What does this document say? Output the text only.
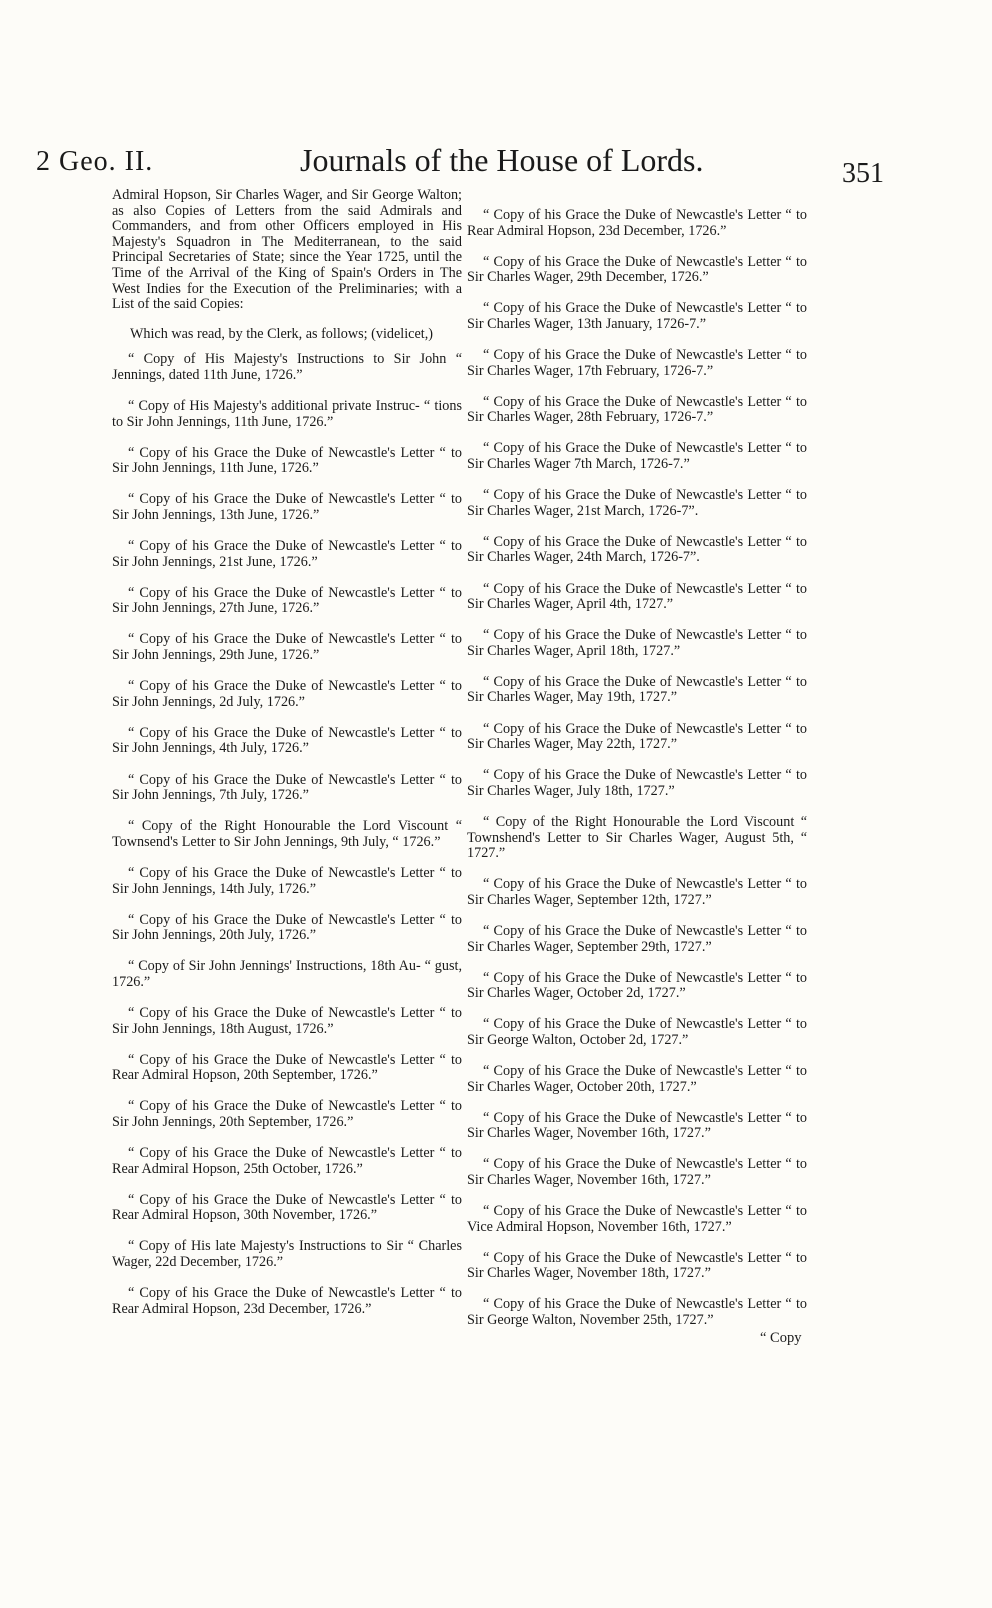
2 Geo. II.	Journals of the House of Lords.	351

Admiral Hopson, Sir Charles Wager, and Sir George Walton; as also Copies of Letters from the said Admirals and Commanders, and from other Officers employed in His Majesty's Squadron in The Mediterranean, to the said Principal Secretaries of State; since the Year 1725, until the Time of the Arrival of the King of Spain's Orders in The West Indies for the Execution of the Preliminaries; with a List of the said Copies:

Which was read, by the Clerk, as follows; (videlicet,)

“ Copy of His Majesty's Instructions to Sir John “ Jennings, dated 11th June, 1726.”

“ Copy of His Majesty's additional private Instruc- “ tions to Sir John Jennings, 11th June, 1726.”

“ Copy of his Grace the Duke of Newcastle's Letter “ to Sir John Jennings, 11th June, 1726.”

“ Copy of his Grace the Duke of Newcastle's Letter “ to Sir John Jennings, 13th June, 1726.”

“ Copy of his Grace the Duke of Newcastle's Letter “ to Sir John Jennings, 21st June, 1726.”

“ Copy of his Grace the Duke of Newcastle's Letter “ to Sir John Jennings, 27th June, 1726.”

“ Copy of his Grace the Duke of Newcastle's Letter “ to Sir John Jennings, 29th June, 1726.”

“ Copy of his Grace the Duke of Newcastle's Letter “ to Sir John Jennings, 2d July, 1726.”

“ Copy of his Grace the Duke of Newcastle's Letter “ to Sir John Jennings, 4th July, 1726.”

“ Copy of his Grace the Duke of Newcastle's Letter “ to Sir John Jennings, 7th July, 1726.”

“ Copy of the Right Honourable the Lord Viscount “ Townsend's Letter to Sir John Jennings, 9th July, “ 1726.”

“ Copy of his Grace the Duke of Newcastle's Letter “ to Sir John Jennings, 14th July, 1726.”

“ Copy of his Grace the Duke of Newcastle's Letter “ to Sir John Jennings, 20th July, 1726.”

“ Copy of Sir John Jennings' Instructions, 18th Au- “ gust, 1726.”

“ Copy of his Grace the Duke of Newcastle's Letter “ to Sir John Jennings, 18th August, 1726.”

“ Copy of his Grace the Duke of Newcastle's Letter “ to Rear Admiral Hopson, 20th September, 1726.”

“ Copy of his Grace the Duke of Newcastle's Letter “ to Sir John Jennings, 20th September, 1726.”

“ Copy of his Grace the Duke of Newcastle's Letter “ to Rear Admiral Hopson, 25th October, 1726.”

“ Copy of his Grace the Duke of Newcastle's Letter “ to Rear Admiral Hopson, 30th November, 1726.”

“ Copy of His late Majesty's Instructions to Sir “ Charles Wager, 22d December, 1726.”

“ Copy of his Grace the Duke of Newcastle's Letter “ to Rear Admiral Hopson, 23d December, 1726.”

“ Copy of his Grace the Duke of Newcastle's Letter “ to Rear Admiral Hopson, 23d December, 1726.”

“ Copy of his Grace the Duke of Newcastle's Letter “ to Sir Charles Wager, 29th December, 1726.”

“ Copy of his Grace the Duke of Newcastle's Letter “ to Sir Charles Wager, 13th January, 1726-7.”

“ Copy of his Grace the Duke of Newcastle's Letter “ to Sir Charles Wager, 17th February, 1726-7.”

“ Copy of his Grace the Duke of Newcastle's Letter “ to Sir Charles Wager, 28th February, 1726-7.”

“ Copy of his Grace the Duke of Newcastle's Letter “ to Sir Charles Wager 7th March, 1726-7.”

“ Copy of his Grace the Duke of Newcastle's Letter “ to Sir Charles Wager, 21st March, 1726-7”.

“ Copy of his Grace the Duke of Newcastle's Letter “ to Sir Charles Wager, 24th March, 1726-7”.

“ Copy of his Grace the Duke of Newcastle's Letter “ to Sir Charles Wager, April 4th, 1727.”

“ Copy of his Grace the Duke of Newcastle's Letter “ to Sir Charles Wager, April 18th, 1727.”

“ Copy of his Grace the Duke of Newcastle's Letter “ to Sir Charles Wager, May 19th, 1727.”

“ Copy of his Grace the Duke of Newcastle's Letter “ to Sir Charles Wager, May 22th, 1727.”

“ Copy of his Grace the Duke of Newcastle's Letter “ to Sir Charles Wager, July 18th, 1727.”

“ Copy of the Right Honourable the Lord Viscount “ Townshend's Letter to Sir Charles Wager, August 5th, “ 1727.”

“ Copy of his Grace the Duke of Newcastle's Letter “ to Sir Charles Wager, September 12th, 1727.”

“ Copy of his Grace the Duke of Newcastle's Letter “ to Sir Charles Wager, September 29th, 1727.”

“ Copy of his Grace the Duke of Newcastle's Letter “ to Sir Charles Wager, October 2d, 1727.”

“ Copy of his Grace the Duke of Newcastle's Letter “ to Sir George Walton, October 2d, 1727.”

“ Copy of his Grace the Duke of Newcastle's Letter “ to Sir Charles Wager, October 20th, 1727.”

“ Copy of his Grace the Duke of Newcastle's Letter “ to Sir Charles Wager, November 16th, 1727.”

“ Copy of his Grace the Duke of Newcastle's Letter “ to Sir Charles Wager, November 16th, 1727.”

“ Copy of his Grace the Duke of Newcastle's Letter “ to Vice Admiral Hopson, November 16th, 1727.”

“ Copy of his Grace the Duke of Newcastle's Letter “ to Sir Charles Wager, November 18th, 1727.”

“ Copy of his Grace the Duke of Newcastle's Letter “ to Sir George Walton, November 25th, 1727.”

“ Copy
